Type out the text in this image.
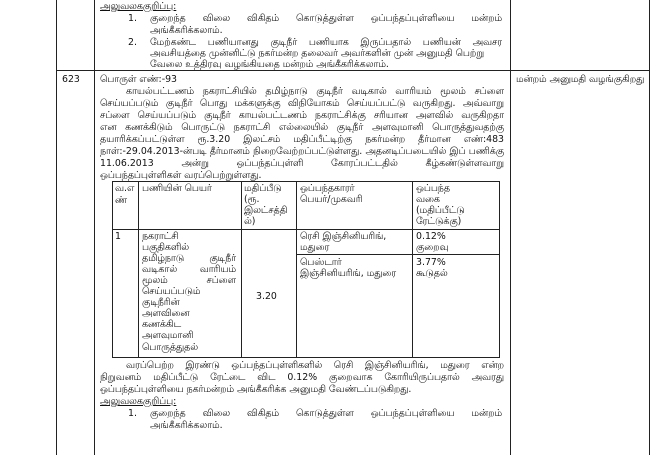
அலுவலககுறிப்பு:
1. குறைந்த விலை விகிதம் கொடுத்துள்ள ஒப்பந்தப்புள்ளியை மன்றம்
அங்கீகரிக்கலாம்.
2. மேற்கண்ட பணியானது குடிநீர் பணியாக இருப்பதால் பணியன் அவசர
அவசியத்தை முன்னிட்டு நகர்மன்ற தலைவர் அவர்களின் முன் அனுமதி பெற்று
வேலை உத்திரவு வழங்கியதை மன்றம் அங்கீகரிக்கலாம்.
623	மன்றம் அனுமதி வழங்குகிறது
பொருள் எண்:-93
காயல்பட்டணம் நகராட்சியில் தமிழ்நாடு குடிநீர் வடிகால் வாரியம் மூலம் சப்ளை
செய்யப்படும் குடிநீர் பொது மக்களுக்கு விநியோகம் செய்யப்பட்டு வருகிறது. அவ்வாறு
சப்ளை செய்யப்படும் குடிநீர் காயல்பட்டணம் நகராட்சிக்கு சரியான அளவில் வருகிறதா
என கணக்கிடும் பொருட்டு நகராட்சி எல்லையில் குடிநீர் அளவுமானி பொருத்துவதற்கு
தயாரிக்கப்பட்டுள்ள ரூ.3.20 இலட்சம் மதிப்பீட்டிற்கு நகர்மன்ற தீர்மான எண்:483
நாள்:-29.04.2013-ன்படி தீர்மானம் நிறைவேற்றப்பட்டுள்ளது. அதனடிப்படையில் இப் பணிக்கு
11.06.2013 அன்று ஒப்பந்தப்புள்ளி கோரப்பட்டதில் கீழ்கண்டுள்ளவாறு
ஒப்பந்தப்புள்ளிகள் வரப்பெற்றுள்ளது.
வ.எ
ண்
பணியின் பெயர்	மதிப்பீடு
(ரூ.
இலட்சத்தி
ல்)
ஒப்பந்தகாரர்
பெயர்/முகவரி
ஒப்பந்த
வகை
(மதிப்பீட்டு
ரேட்டுக்கு)
1 நகராட்சி
பகுதிகளில்
தமிழ்நாடு குடிநீர்
வடிகால் வாரியம்
மூலம் சப்ளை
செய்யப்படும்
குடிநீரின்
அளவினை
கணக்கிட
அளவுமானி
பொருத்துதல்
3.20
ரெசி இஞ்சினியரிங்,
மதுரை
0.12%
குறைவு
பெஸ்டார்
இஞ்சினியரிங், மதுரை
3.77%
கூடுதல்
வரப்பெற்ற இரண்டு ஒப்பந்தப்புள்ளிகளில் ரெசி இஞ்சினியரிங், மதுரை என்ற
நிறுவனம் மதிப்பீட்டு ரேட்டை விட 0.12% குறைவாக கோரியிருப்பதால் அவரது
ஒப்பந்தப்புள்ளியை நகர்மன்றம் அங்கீகரிக்க அனுமதி வேண்டப்படுகிறது.
அலுவலககுறிப்பு:
1. குறைந்த விலை விகிதம் கொடுத்துள்ள ஒப்பந்தப்புள்ளியை மன்றம்
அங்கீகரிக்கலாம்.
